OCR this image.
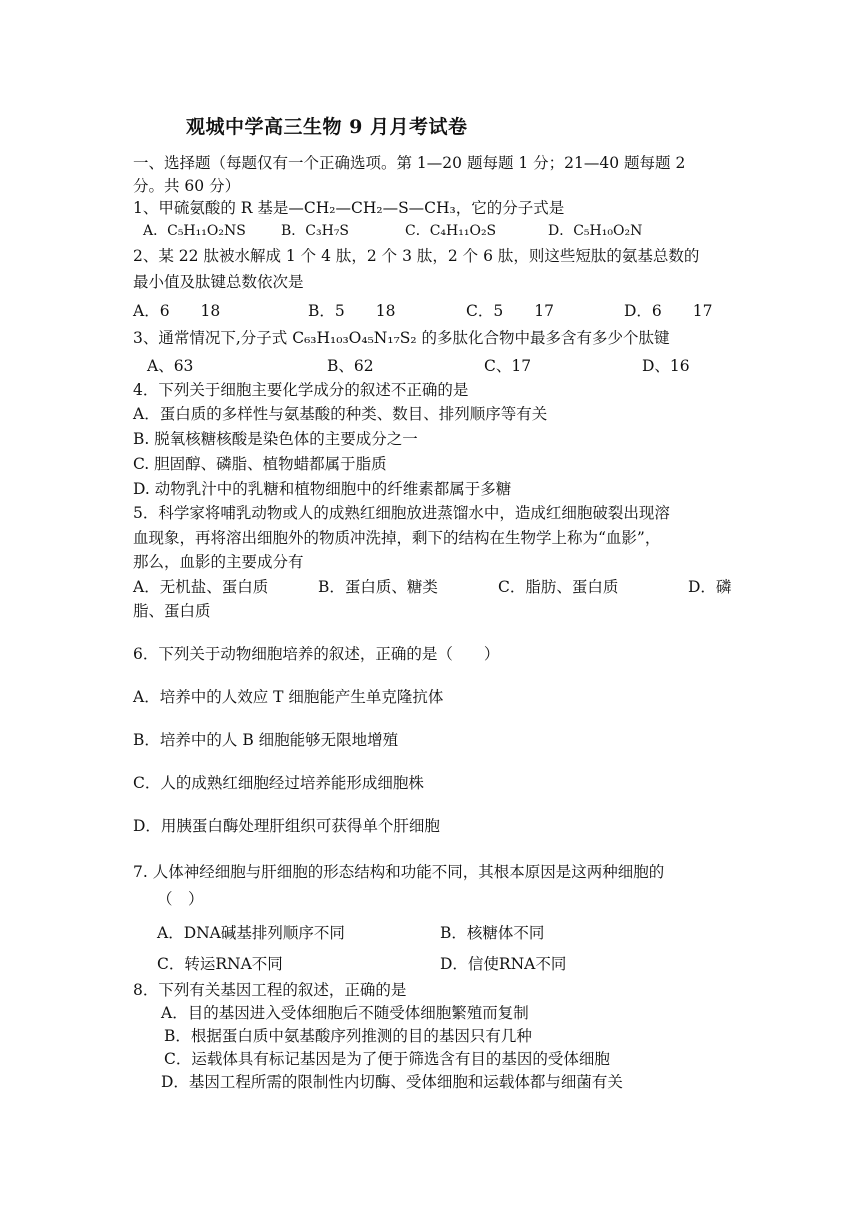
观城中学高三生物 9 月月考试卷
一、选择题（每题仅有一个正确选项。第 1—20 题每题 1 分；21—40 题每题 2
分。共 60 分）
1、甲硫氨酸的 R 基是—CH₂—CH₂—S—CH₃，它的分子式是
A．C₅H₁₁O₂NS	B．C₃H₇S	C．C₄H₁₁O₂S	D．C₅H₁₀O₂N
2、某 22 肽被水解成 1 个 4 肽，2 个 3 肽，2 个 6 肽，则这些短肽的氨基总数的
最小值及肽键总数依次是
A．6　　18	B．5　　18	C．5　　17	D．6　　17
3、通常情况下,分子式 C₆₃H₁₀₃O₄₅N₁₇S₂ 的多肽化合物中最多含有多少个肽键
A、63	B、62	C、17	D、16
4．下列关于细胞主要化学成分的叙述不正确的是
A．蛋白质的多样性与氨基酸的种类、数目、排列顺序等有关
B. 脱氧核糖核酸是染色体的主要成分之一
C. 胆固醇、磷脂、植物蜡都属于脂质
D. 动物乳汁中的乳糖和植物细胞中的纤维素都属于多糖
5．科学家将哺乳动物或人的成熟红细胞放进蒸馏水中，造成红细胞破裂出现溶
血现象，再将溶出细胞外的物质冲洗掉，剩下的结构在生物学上称为“血影”，
那么，血影的主要成分有
A．无机盐、蛋白质	B．蛋白质、糖类	C．脂肪、蛋白质	D．磷
脂、蛋白质
6．下列关于动物细胞培养的叙述，正确的是（　　）
A．培养中的人效应 T 细胞能产生单克隆抗体
B．培养中的人 B 细胞能够无限地增殖
C．人的成熟红细胞经过培养能形成细胞株
D．用胰蛋白酶处理肝组织可获得单个肝细胞
7. 人体神经细胞与肝细胞的形态结构和功能不同，其根本原因是这两种细胞的
（　）
A．DNA碱基排列顺序不同	B．核糖体不同
C．转运RNA不同	D．信使RNA不同
8．下列有关基因工程的叙述，正确的是
A．目的基因进入受体细胞后不随受体细胞繁殖而复制
B．根据蛋白质中氨基酸序列推测的目的基因只有几种
C．运载体具有标记基因是为了便于筛选含有目的基因的受体细胞
D．基因工程所需的限制性内切酶、受体细胞和运载体都与细菌有关
